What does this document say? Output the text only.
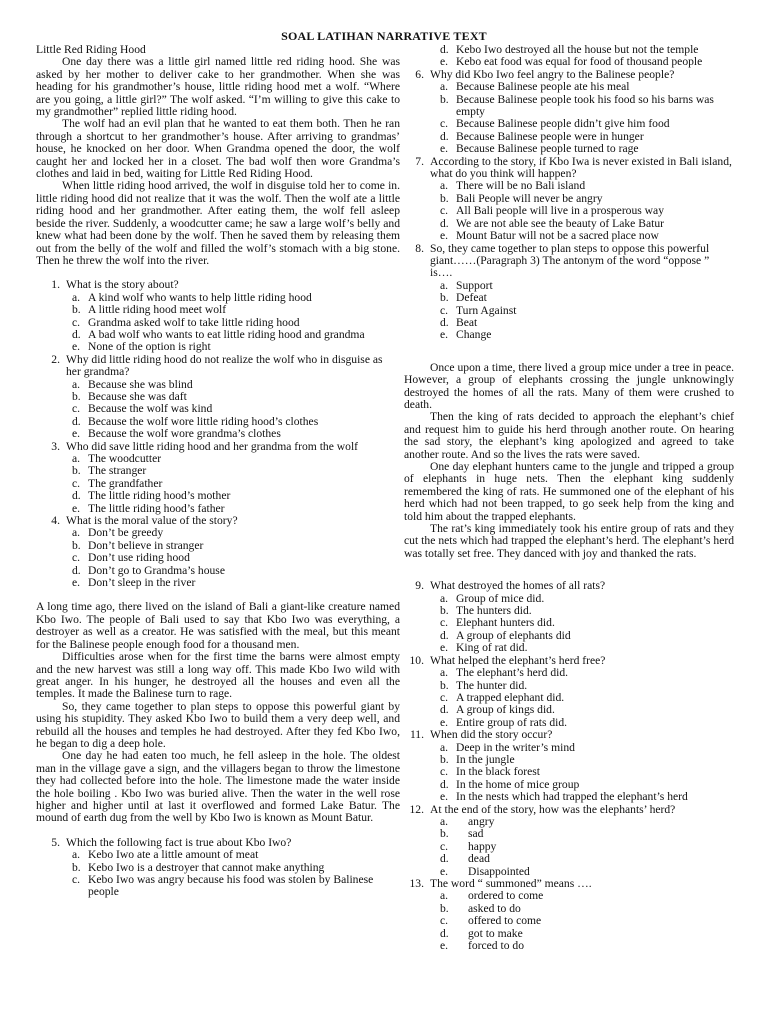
SOAL LATIHAN NARRATIVE TEXT
Little Red Riding Hood

One day there was a little girl named little red riding hood. She was asked by her mother to deliver cake to her grandmother. When she was heading for his grandmother’s house, little riding hood met a wolf. “Where are you going, a little girl?” The wolf asked. “I’m willing to give this cake to my grandmother” replied little riding hood.

The wolf had an evil plan that he wanted to eat them both. Then he ran through a shortcut to her grandmother’s house. After arriving to grandmas’ house, he knocked on her door. When Grandma opened the door, the wolf caught her and locked her in a closet. The bad wolf then wore Grandma’s clothes and laid in bed, waiting for Little Red Riding Hood.

When little riding hood arrived, the wolf in disguise told her to come in. little riding hood did not realize that it was the wolf. Then the wolf ate a little riding hood and her grandmother. After eating them, the wolf fell asleep beside the river. Suddenly, a woodcutter came; he saw a large wolf’s belly and knew what had been done by the wolf. Then he saved them by releasing them out from the belly of the wolf and filled the wolf’s stomach with a big stone. Then he threw the wolf into the river.

1. What is the story about?
a. A kind wolf who wants to help little riding hood
b. A little riding hood meet wolf
c. Grandma asked wolf to take little riding hood
d. A bad wolf who wants to eat little riding hood and grandma
e. None of the option is right
2. Why did little riding hood do not realize the wolf who in disguise as her grandma?
a. Because she was blind
b. Because she was daft
c. Because the wolf was kind
d. Because the wolf wore little riding hood’s clothes
e. Because the wolf wore grandma’s clothes
3. Who did save little riding hood and her grandma from the wolf
a. The woodcutter
b. The stranger
c. The grandfather
d. The little riding hood’s mother
e. The little riding hood’s father
4. What is the moral value of the story?
a. Don’t be greedy
b. Don’t believe in stranger
c. Don’t use riding hood
d. Don’t go to Grandma’s house
e. Don’t sleep in the river

A long time ago, there lived on the island of Bali a giant-like creature named Kbo Iwo. The people of Bali used to say that Kbo Iwo was everything, a destroyer as well as a creator. He was satisfied with the meal, but this meant for the Balinese people enough food for a thousand men.

Difficulties arose when for the first time the barns were almost empty and the new harvest was still a long way off. This made Kbo Iwo wild with great anger. In his hunger, he destroyed all the houses and even all the temples. It made the Balinese turn to rage.

So, they came together to plan steps to oppose this powerful giant by using his stupidity. They asked Kbo Iwo to build them a very deep well, and rebuild all the houses and temples he had destroyed. After they fed Kbo Iwo, he began to dig a deep hole.

One day he had eaten too much, he fell asleep in the hole. The oldest man in the village gave a sign, and the villagers began to throw the limestone they had collected before into the hole. The limestone made the water inside the hole boiling . Kbo Iwo was buried alive. Then the water in the well rose higher and higher until at last it overflowed and formed Lake Batur. The mound of earth dug from the well by Kbo Iwo is known as Mount Batur.

5. Which the following fact is true about Kbo Iwo?
a. Kebo Iwo ate a little amount of meat
b. Kebo Iwo is a destroyer that cannot make anything
c. Kebo Iwo was angry because his food was stolen by Balinese people
d. Kebo Iwo destroyed all the house but not the temple
e. Kebo eat food was equal for food of thousand people
6. Why did Kbo Iwo feel angry to the Balinese people?
a. Because Balinese people ate his meal
b. Because Balinese people took his food so his barns was empty
c. Because Balinese people didn’t give him food
d. Because Balinese people were in hunger
e. Because Balinese people turned to rage
7. According to the story, if Kbo Iwa is never existed in Bali island, what do you think will happen?
a. There will be no Bali island
b. Bali People will never be angry
c. All Bali people will live in a prosperous way
d. We are not able see the beauty of Lake Batur
e. Mount Batur will not be a sacred place now
8. So, they came together to plan steps to oppose this powerful giant……(Paragraph 3) The antonym of the word “oppose ” is….
a. Support
b. Defeat
c. Turn Against
d. Beat
e. Change

Once upon a time, there lived a group mice under a tree in peace. However, a group of elephants crossing the jungle unknowingly destroyed the homes of all the rats. Many of them were crushed to death.

Then the king of rats decided to approach the elephant’s chief and request him to guide his herd through another route. On hearing the sad story, the elephant’s king apologized and agreed to take another route. And so the lives the rats were saved.

One day elephant hunters came to the jungle and tripped a group of elephants in huge nets. Then the elephant king suddenly remembered the king of rats. He summoned one of the elephant of his herd which had not been trapped, to go seek help from the king and told him about the trapped elephants.

The rat’s king immediately took his entire group of rats and they cut the nets which had trapped the elephant’s herd. The elephant’s herd was totally set free. They danced with joy and thanked the rats.

9. What destroyed the homes of all rats?
a. Group of mice did.
b. The hunters did.
c. Elephant hunters did.
d. A group of elephants did
e. King of rat did.
10. What helped the elephant’s herd free?
a. The elephant’s herd did.
b. The hunter did.
c. A trapped elephant did.
d. A group of kings did.
e. Entire group of rats did.
11. When did the story occur?
a. Deep in the writer’s mind
b. In the jungle
c. In the black forest
d. In the home of mice group
e. In the nests which had trapped the elephant’s herd
12. At the end of the story, how was the elephants’ herd?
a.	angry
b.	sad
c.	happy
d.	dead
e.	Disappointed
13. The word “ summoned” means ….
a.	ordered to come
b.	asked to do
c.	offered to come
d.	got to make
e.	forced to do
